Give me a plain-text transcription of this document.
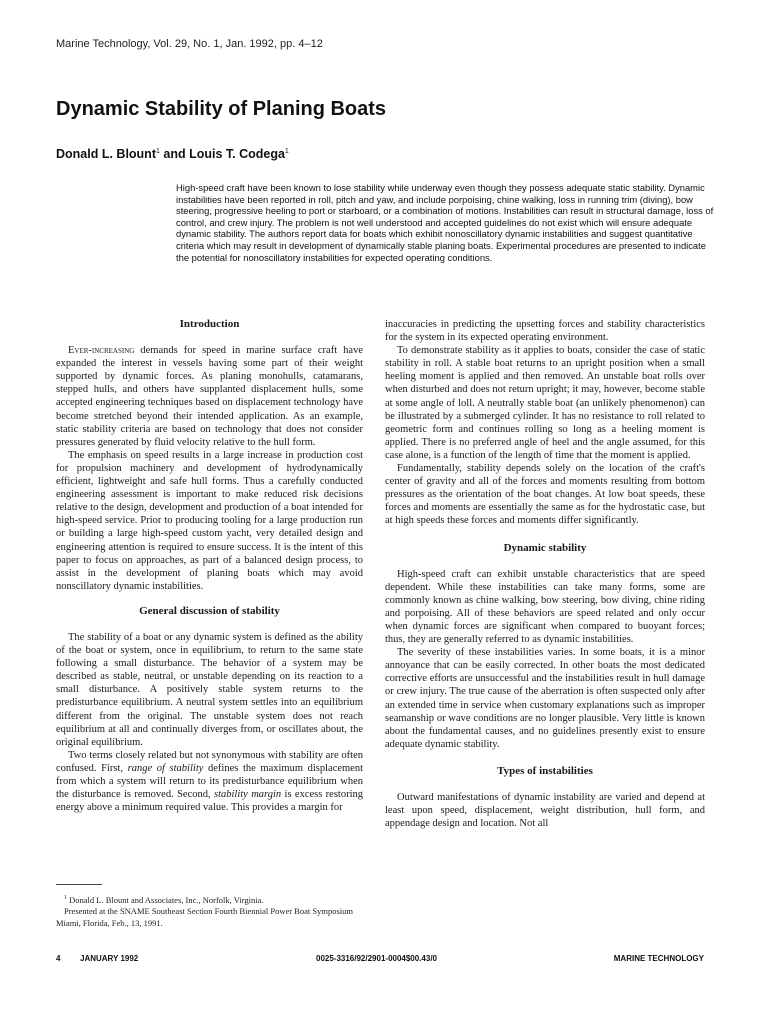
Marine Technology, Vol. 29, No. 1, Jan. 1992, pp. 4–12
Dynamic Stability of Planing Boats
Donald L. Blount$^1$ and Louis T. Codega$^1$

High-speed craft have been known to lose stability while underway even though they possess adequate static stability. Dynamic instabilities have been reported in roll, pitch and yaw, and include porpoising, chine walking, loss in running trim (diving), bow steering, progressive heeling to port or starboard, or a combination of motions. Instabilities can result in structural damage, loss of control, and crew injury. The problem is not well understood and accepted guidelines do not exist which will ensure adequate dynamic stability. The authors report data for boats which exhibit nonoscillatory dynamic instabilities and suggest quantitative criteria which may result in development of dynamically stable planing boats. Experimental procedures are presented to indicate the potential for nonoscillatory instabilities for expected operating conditions.

Introduction

Ever-increasing demands for speed in marine surface craft have expanded the interest in vessels having some part of their weight supported by dynamic forces. As planing monohulls, catamarans, stepped hulls, and others have supplanted displacement hulls, some accepted engineering techniques based on displacement technology have become stretched beyond their intended application. As an example, static stability criteria are based on technology that does not consider pressures generated by fluid velocity relative to the hull form.

The emphasis on speed results in a large increase in production cost for propulsion machinery and development of hydrodynamically efficient, lightweight and safe hull forms. Thus a carefully conducted engineering assessment is important to make reduced risk decisions relative to the design, development and production of a boat intended for high-speed service. Prior to producing tooling for a large production run or building a large high-speed custom yacht, very detailed design and engineering attention is required to ensure success. It is the intent of this paper to focus on approaches, as part of a balanced design process, to assist in the development of planing boats which may avoid nonscillatory dynamic instabilities.

General discussion of stability

The stability of a boat or any dynamic system is defined as the ability of the boat or system, once in equilibrium, to return to the same state following a small disturbance. The behavior of a system may be described as stable, neutral, or unstable depending on its reaction to a small disturbance. A positively stable system returns to the predisturbance equilibrium. A neutral system settles into an equilibrium different from the original. The unstable system does not reach equilibrium at all and continually diverges from, or oscillates about, the original equilibrium.

Two terms closely related but not synonymous with stability are often confused. First, range of stability defines the maximum displacement from which a system will return to its predisturbance equilibrium when the disturbance is removed. Second, stability margin is excess restoring energy above a minimum required value. This provides a margin for

$^1$ Donald L. Blount and Associates, Inc., Norfolk, Virginia.

Presented at the SNAME Southeast Section Fourth Biennial Power Boat Symposium Miami, Florida, Feb., 13, 1991.

inaccuracies in predicting the upsetting forces and stability characteristics for the system in its expected operating environment.

To demonstrate stability as it applies to boats, consider the case of static stability in roll. A stable boat returns to an upright position when a small heeling moment is applied and then removed. An unstable boat rolls over when disturbed and does not return upright; it may, however, become stable at some angle of loll. A neutrally stable boat (an unlikely phenomenon) can be illustrated by a submerged cylinder. It has no resistance to roll related to geometric form and continues rolling so long as a heeling moment is applied. There is no preferred angle of heel and the angle assumed, for this case alone, is a function of the length of time that the moment is applied.

Fundamentally, stability depends solely on the location of the craft's center of gravity and all of the forces and moments resulting from bottom pressures as the orientation of the boat changes. At low boat speeds, these forces and moments are essentially the same as for the hydrostatic case, but at high speeds these forces and moments differ significantly.

Dynamic stability

High-speed craft can exhibit unstable characteristics that are speed dependent. While these instabilities can take many forms, some are commonly known as chine walking, bow steering, bow diving, chine riding and porpoising. All of these behaviors are speed related and only occur when dynamic forces are significant when compared to buoyant forces; thus, they are generally referred to as dynamic instabilities.

The severity of these instabilities varies. In some boats, it is a minor annoyance that can be easily corrected. In other boats the most dedicated corrective efforts are unsuccessful and the instabilities result in hull damage or crew injury. The true cause of the aberration is often suspected only after an extended time in service when customary explanations such as improper seamanship or wave conditions are no longer plausible. Very little is known about the fundamental causes, and no guidelines presently exist to ensure adequate dynamic stability.

Types of instabilities

Outward manifestations of dynamic instability are varied and depend at least upon speed, displacement, weight distribution, hull form, and appendage design and location. Not all

4 JANUARY 1992	0025-3316/92/2901-0004$00.43/0	MARINE TECHNOLOGY
